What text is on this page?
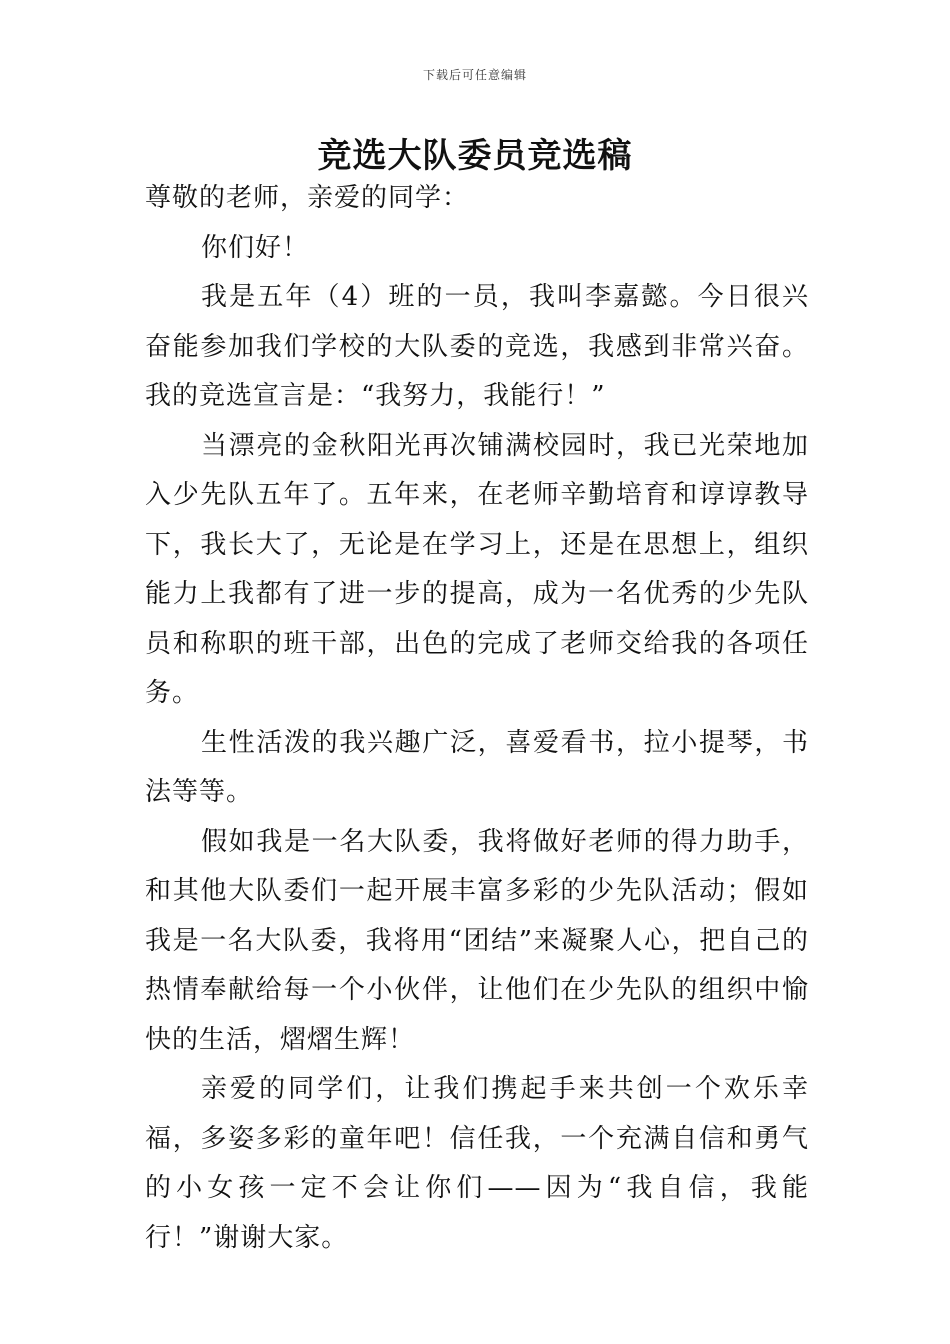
下载后可任意编辑
竞选大队委员竞选稿

尊敬的老师，亲爱的同学：

你们好！

我是五年（4）班的一员，我叫李嘉懿。今日很兴奋能参加我们学校的大队委的竞选，我感到非常兴奋。我的竞选宣言是：“我努力，我能行！”

当漂亮的金秋阳光再次铺满校园时，我已光荣地加入少先队五年了。五年来，在老师辛勤培育和谆谆教导下，我长大了，无论是在学习上，还是在思想上，组织能力上我都有了进一步的提高，成为一名优秀的少先队员和称职的班干部，出色的完成了老师交给我的各项任务。

生性活泼的我兴趣广泛，喜爱看书，拉小提琴，书法等等。

假如我是一名大队委，我将做好老师的得力助手，和其他大队委们一起开展丰富多彩的少先队活动；假如我是一名大队委，我将用“团结”来凝聚人心，把自己的热情奉献给每一个小伙伴，让他们在少先队的组织中愉快的生活，熠熠生辉！

亲爱的同学们，让我们携起手来共创一个欢乐幸福，多姿多彩的童年吧！信任我，一个充满自信和勇气的小女孩一定不会让你们——因为“我自信，我能行！”谢谢大家。
